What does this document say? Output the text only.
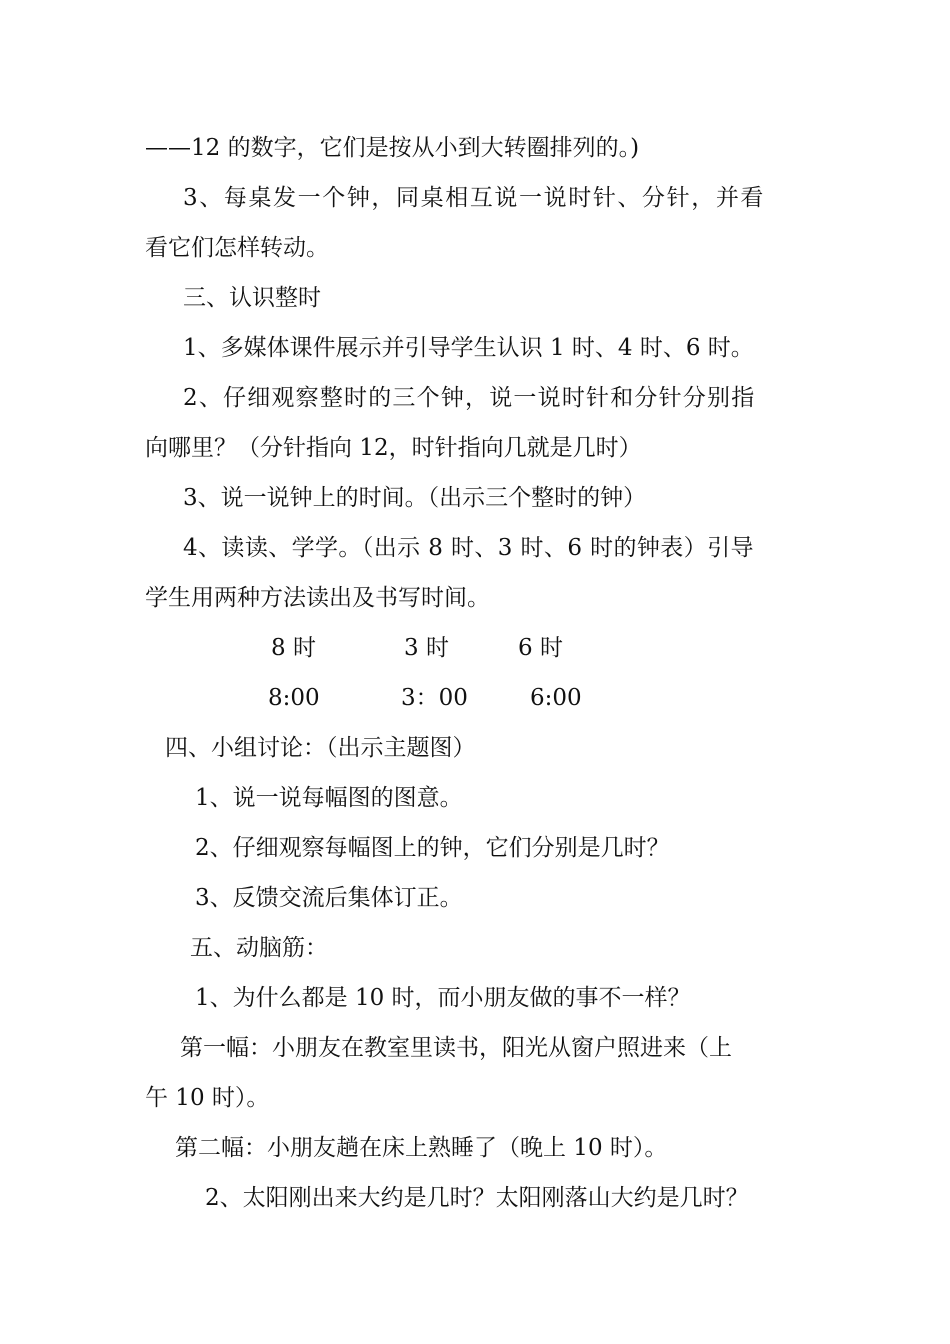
——12 的数字，它们是按从小到大转圈排列的。)
3、每桌发一个钟，同桌相互说一说时针、分针，并看
看它们怎样转动。
三、认识整时
1、多媒体课件展示并引导学生认识 1 时、4 时、6 时。
2、仔细观察整时的三个钟，说一说时针和分针分别指
向哪里？（分针指向 12，时针指向几就是几时）
3、说一说钟上的时间。（出示三个整时的钟）
4、读读、学学。（出示 8 时、3 时、6 时的钟表）引导
学生用两种方法读出及书写时间。
8 时	3 时	6 时
8:00	3：00	6:00
四、小组讨论：（出示主题图）
1、说一说每幅图的图意。
2、仔细观察每幅图上的钟，它们分别是几时？
3、反馈交流后集体订正。
五、动脑筋：
1、为什么都是 10 时，而小朋友做的事不一样？
第一幅：小朋友在教室里读书，阳光从窗户照进来（上
午 10 时）。
第二幅：小朋友趟在床上熟睡了（晚上 10 时）。
2、太阳刚出来大约是几时？太阳刚落山大约是几时？
